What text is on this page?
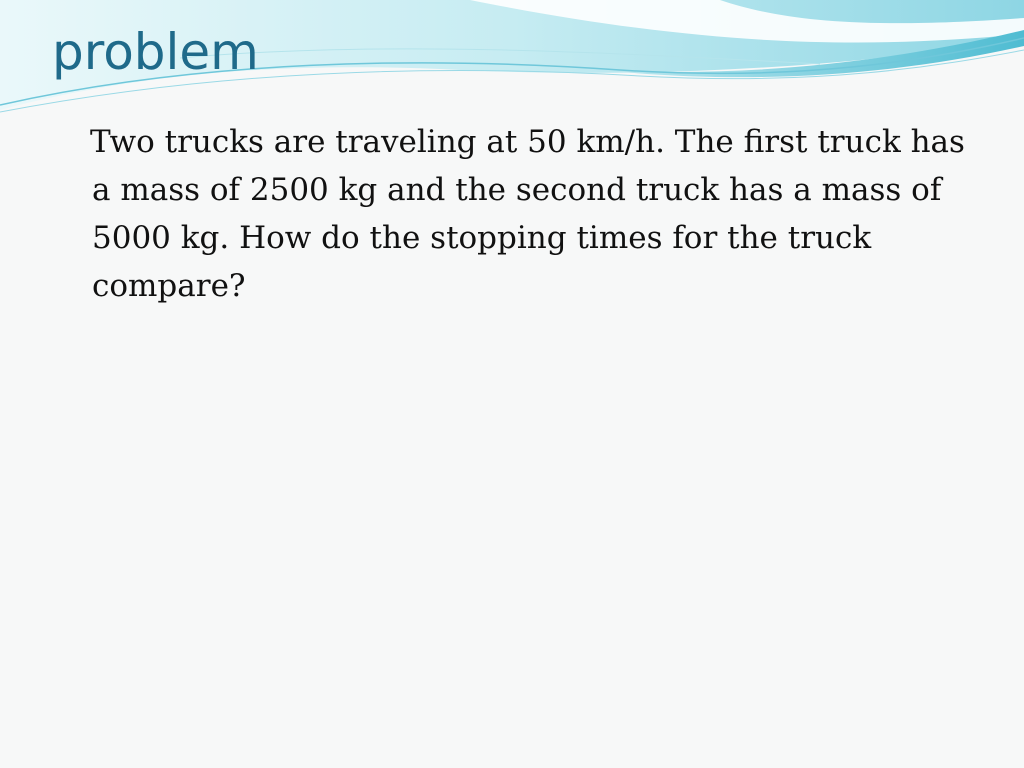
problem

Two trucks are traveling at 50 km/h. The first truck has a mass of 2500 kg and the second truck has a mass of 5000 kg. How do the stopping times for the truck compare?
